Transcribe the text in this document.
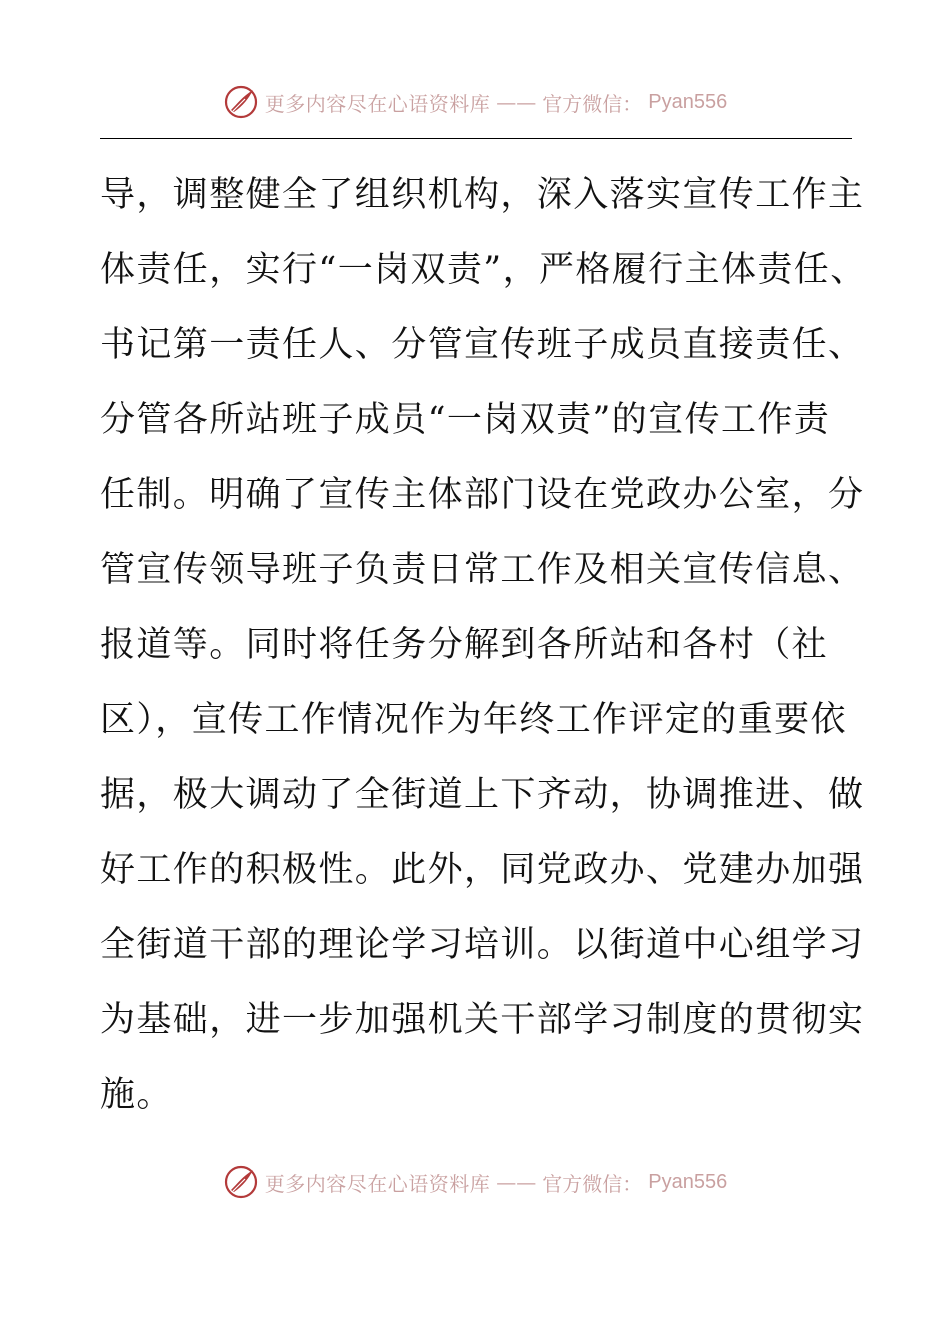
更多内容尽在心语资料库 —— 官方微信： Pyan556
导，调整健全了组织机构，深入落实宣传工作主
体责任，实行“一岗双责”，严格履行主体责任、
书记第一责任人、分管宣传班子成员直接责任、
分管各所站班子成员“一岗双责”的宣传工作责
任制。明确了宣传主体部门设在党政办公室，分
管宣传领导班子负责日常工作及相关宣传信息、
报道等。同时将任务分解到各所站和各村（社
区），宣传工作情况作为年终工作评定的重要依
据，极大调动了全街道上下齐动，协调推进、做
好工作的积极性。此外，同党政办、党建办加强
全街道干部的理论学习培训。以街道中心组学习
为基础，进一步加强机关干部学习制度的贯彻实
施。
更多内容尽在心语资料库 —— 官方微信： Pyan556
